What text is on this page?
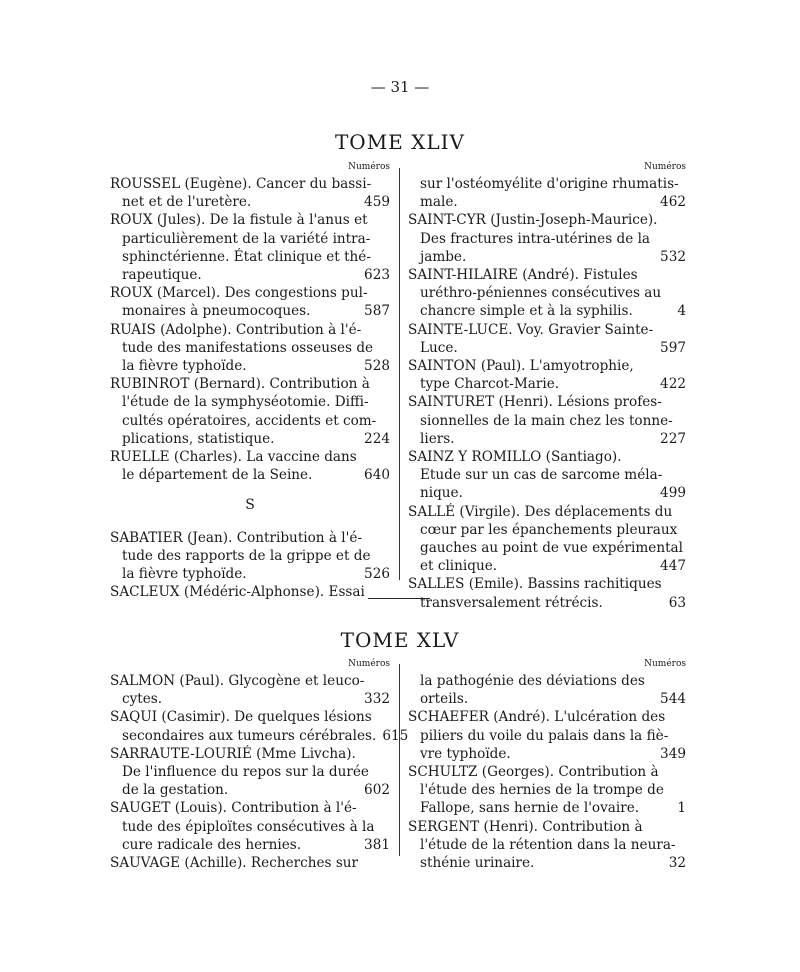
— 31 —
TOME XLIV
Numéros
ROUSSEL (Eugène). Cancer du bassi-
net et de l'uretère.	459
ROUX (Jules). De la fistule à l'anus et
particulièrement de la variété intra-
sphinctérienne. État clinique et thé-
rapeutique.	623
ROUX (Marcel). Des congestions pul-
monaires à pneumocoques.	587
RUAIS (Adolphe). Contribution à l'é-
tude des manifestations osseuses de
la fièvre typhoïde.	528
RUBINROT (Bernard). Contribution à
l'étude de la symphyséotomie. Diffi-
cultés opératoires, accidents et com-
plications, statistique.	224
RUELLE (Charles). La vaccine dans
le département de la Seine.	640
S
SABATIER (Jean). Contribution à l'é-
tude des rapports de la grippe et de
la fièvre typhoïde.	526
SACLEUX (Médéric-Alphonse). Essai
Numéros
sur l'ostéomyélite d'origine rhumatis-
male.	462
SAINT-CYR (Justin-Joseph-Maurice).
Des fractures intra-utérines de la
jambe.	532
SAINT-HILAIRE (André). Fistules
uréthro-péniennes consécutives au
chancre simple et à la syphilis.	4
SAINTE-LUCE. Voy. Gravier Sainte-
Luce.	597
SAINTON (Paul). L'amyotrophie,
type Charcot-Marie.	422
SAINTURET (Henri). Lésions profes-
sionnelles de la main chez les tonne-
liers.	227
SAINZ Y ROMILLO (Santiago).
Etude sur un cas de sarcome méla-
nique.	499
SALLÉ (Virgile). Des déplacements du
cœur par les épanchements pleuraux
gauches au point de vue expérimental
et clinique.	447
SALLES (Emile). Bassins rachitiques
transversalement rétrécis.	63
TOME XLV
Numéros
SALMON (Paul). Glycogène et leuco-
cytes.	332
SAQUI (Casimir). De quelques lésions
secondaires aux tumeurs cérébrales. 615
SARRAUTE-LOURIÉ (Mme Livcha).
De l'influence du repos sur la durée
de la gestation.	602
SAUGET (Louis). Contribution à l'é-
tude des épiploïtes consécutives à la
cure radicale des hernies.	381
SAUVAGE (Achille). Recherches sur
Numéros
la pathogénie des déviations des
orteils.	544
SCHAEFER (André). L'ulcération des
piliers du voile du palais dans la fiè-
vre typhoïde.	349
SCHULTZ (Georges). Contribution à
l'étude des hernies de la trompe de
Fallope, sans hernie de l'ovaire.	1
SERGENT (Henri). Contribution à
l'étude de la rétention dans la neura-
sthénie urinaire.	32
